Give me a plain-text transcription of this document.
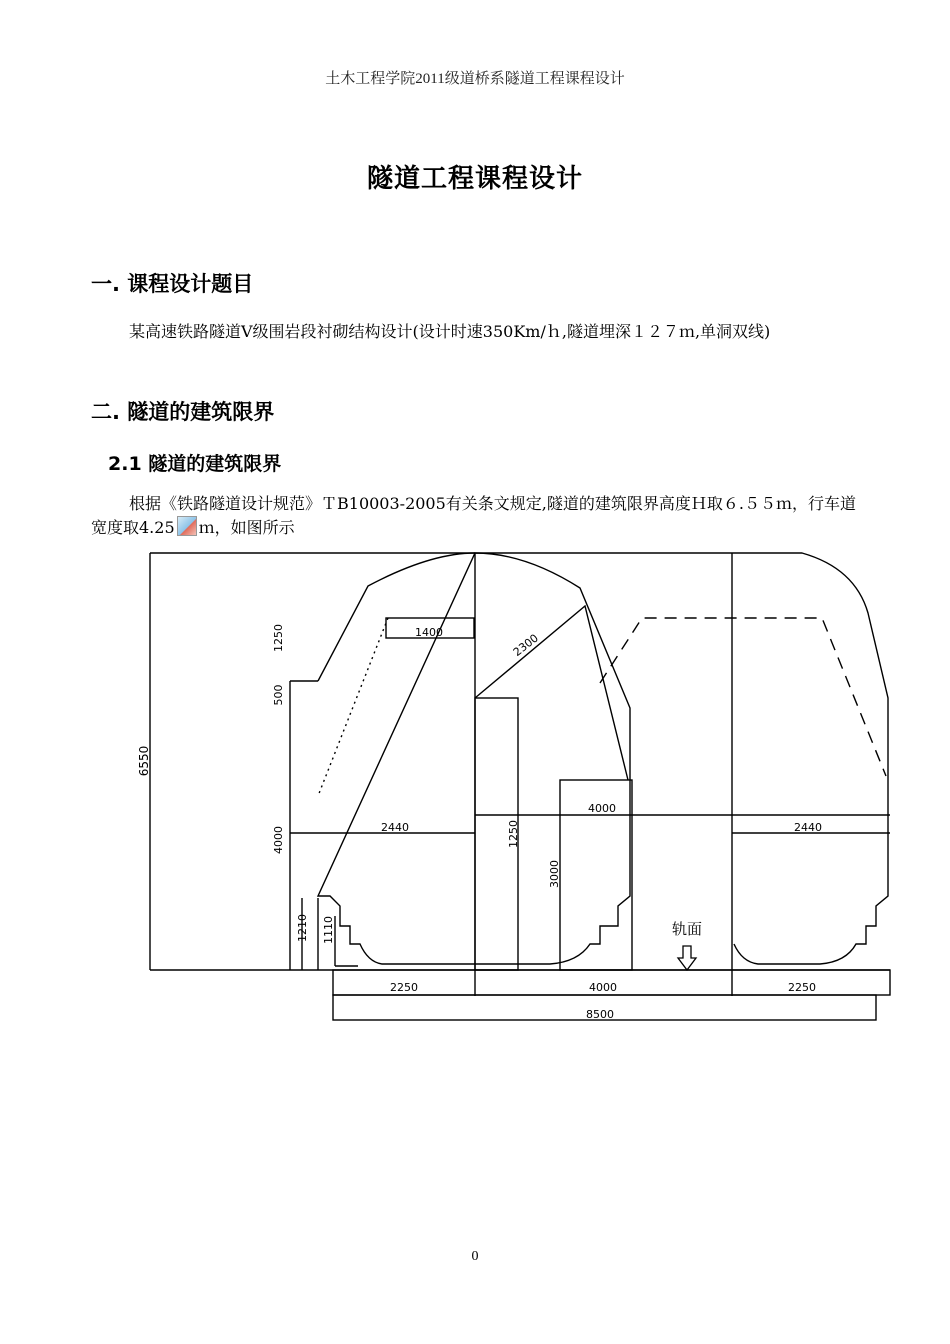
土木工程学院2011级道桥系隧道工程课程设计
隧道工程课程设计
一. 课程设计题目
某高速铁路隧道Ⅴ级围岩段衬砌结构设计(设计时速350Km/ｈ,隧道埋深１２７ｍ,单洞双线)
二. 隧道的建筑限界
2.1 隧道的建筑限界
根据《铁路隧道设计规范》ＴB10003-2005有关条文规定,隧道的建筑限界高度Ｈ取６.５５ｍ，行车道宽度取4.25 ｍ，如图所示
1250
500
6550
4000
1210 1110
1400	2300
2440	2440
1250
3000
4000
2250	4000	2250
8500
轨面
0
